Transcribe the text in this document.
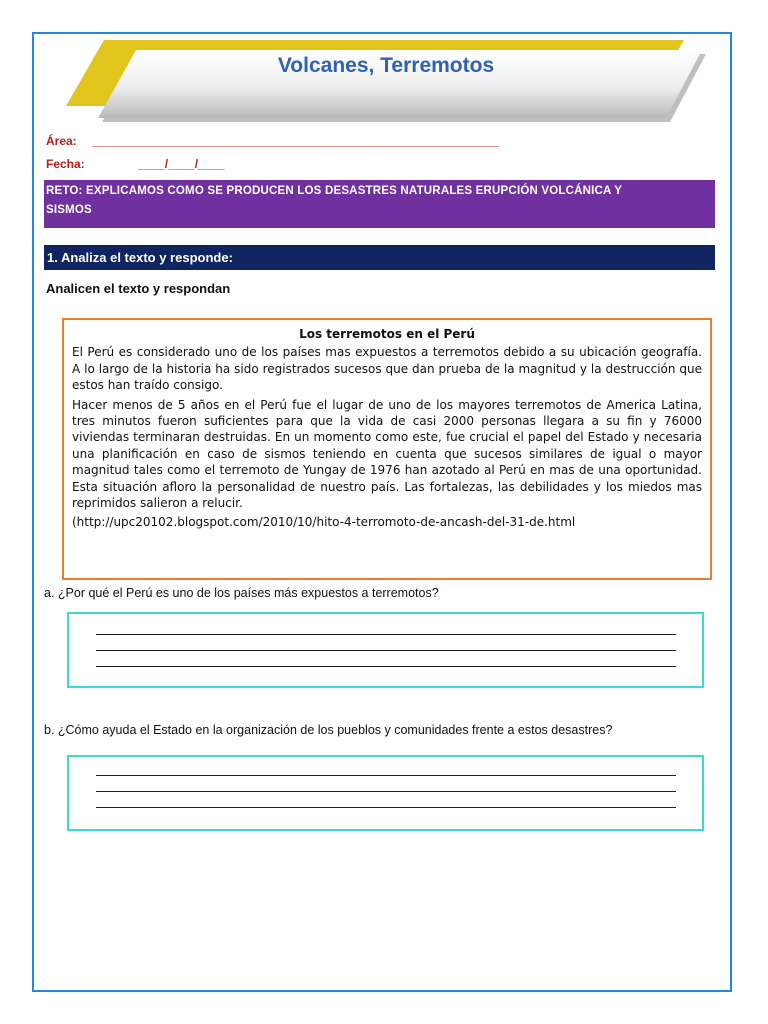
Volcanes, Terremotos
Área: _____________________________________________________________
Fecha:	____/____/____
RETO: EXPLICAMOS COMO SE PRODUCEN LOS DESASTRES NATURALES ERUPCIÓN VOLCÁNICA Y
SISMOS
1. Analiza el texto y responde:
Analicen el texto y respondan
Los terremotos en el Perú

El Perú es considerado uno de los países mas expuestos a terremotos debido a su ubicación geografía. A lo largo de la historia ha sido registrados sucesos que dan prueba de la magnitud y la destrucción que estos han traído consigo.

Hacer menos de 5 años en el Perú fue el lugar de uno de los mayores terremotos de America Latina, tres minutos fueron suficientes para que la vida de casi 2000 personas llegara a su fin y 76000 viviendas terminaran destruidas. En un momento como este, fue crucial el papel del Estado y necesaria una planificación en caso de sismos teniendo en cuenta que sucesos similares de igual o mayor magnitud tales como el terremoto de Yungay de 1976 han azotado al Perú en mas de una oportunidad. Esta situación afloro la personalidad de nuestro país. Las fortalezas, las debilidades y los miedos mas reprimidos salieron a relucir.

(http://upc20102.blogspot.com/2010/10/hito-4-terromoto-de-ancash-del-31-de.html
a. ¿Por qué el Perú es uno de los países más expuestos a terremotos?
b. ¿Cómo ayuda el Estado en la organización de los pueblos y comunidades frente a estos desastres?
